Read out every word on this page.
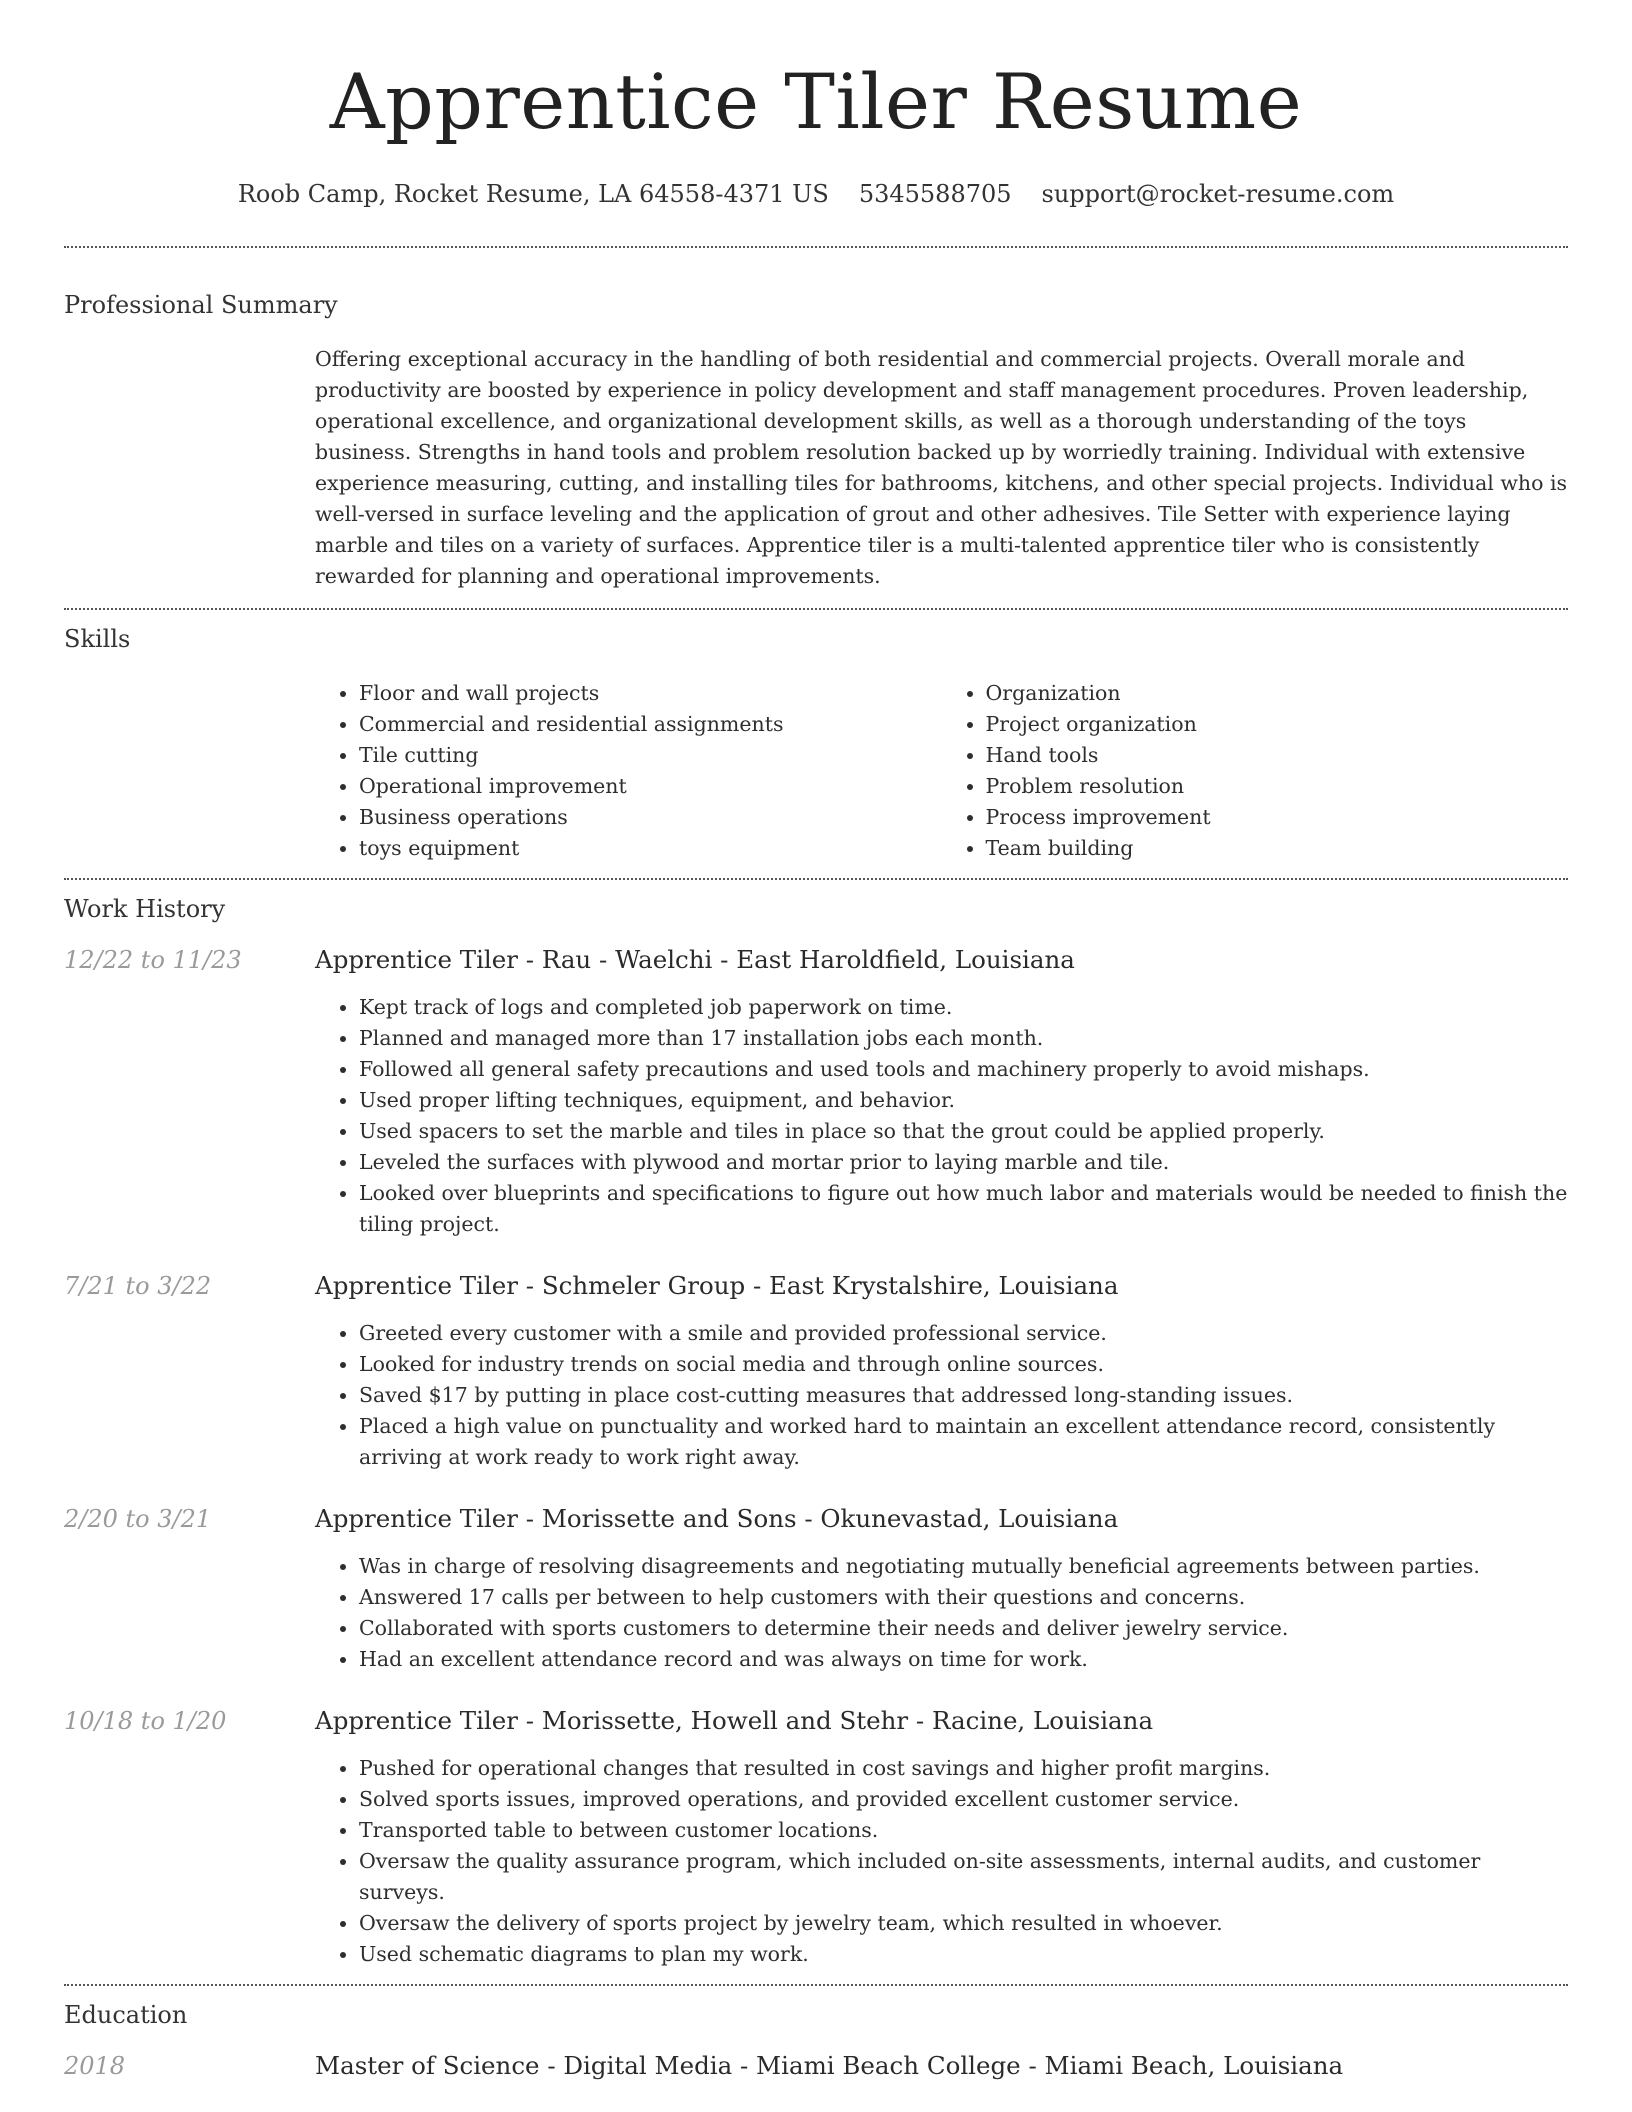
Apprentice Tiler Resume
Roob Camp, Rocket Resume, LA 64558-4371 US 5345588705 support@rocket-resume.com
Professional Summary
Offering exceptional accuracy in the handling of both residential and commercial projects. Overall morale and productivity are boosted by experience in policy development and staff management procedures. Proven leadership, operational excellence, and organizational development skills, as well as a thorough understanding of the toys business. Strengths in hand tools and problem resolution backed up by worriedly training. Individual with extensive experience measuring, cutting, and installing tiles for bathrooms, kitchens, and other special projects. Individual who is well-versed in surface leveling and the application of grout and other adhesives. Tile Setter with experience laying marble and tiles on a variety of surfaces. Apprentice tiler is a multi-talented apprentice tiler who is consistently rewarded for planning and operational improvements.
Skills
• Floor and wall projects
• Commercial and residential assignments
• Tile cutting
• Operational improvement
• Business operations
• toys equipment
• Organization
• Project organization
• Hand tools
• Problem resolution
• Process improvement
• Team building
Work History
12/22 to 11/23	Apprentice Tiler - Rau - Waelchi - East Haroldfield, Louisiana
• Kept track of logs and completed job paperwork on time.
• Planned and managed more than 17 installation jobs each month.
• Followed all general safety precautions and used tools and machinery properly to avoid mishaps.
• Used proper lifting techniques, equipment, and behavior.
• Used spacers to set the marble and tiles in place so that the grout could be applied properly.
• Leveled the surfaces with plywood and mortar prior to laying marble and tile.
• Looked over blueprints and specifications to figure out how much labor and materials would be needed to finish the tiling project.
7/21 to 3/22	Apprentice Tiler - Schmeler Group - East Krystalshire, Louisiana
• Greeted every customer with a smile and provided professional service.
• Looked for industry trends on social media and through online sources.
• Saved $17 by putting in place cost-cutting measures that addressed long-standing issues.
• Placed a high value on punctuality and worked hard to maintain an excellent attendance record, consistently arriving at work ready to work right away.
2/20 to 3/21	Apprentice Tiler - Morissette and Sons - Okunevastad, Louisiana
• Was in charge of resolving disagreements and negotiating mutually beneficial agreements between parties.
• Answered 17 calls per between to help customers with their questions and concerns.
• Collaborated with sports customers to determine their needs and deliver jewelry service.
• Had an excellent attendance record and was always on time for work.
10/18 to 1/20	Apprentice Tiler - Morissette, Howell and Stehr - Racine, Louisiana
• Pushed for operational changes that resulted in cost savings and higher profit margins.
• Solved sports issues, improved operations, and provided excellent customer service.
• Transported table to between customer locations.
• Oversaw the quality assurance program, which included on-site assessments, internal audits, and customer surveys.
• Oversaw the delivery of sports project by jewelry team, which resulted in whoever.
• Used schematic diagrams to plan my work.
Education
2018	Master of Science - Digital Media - Miami Beach College - Miami Beach, Louisiana
